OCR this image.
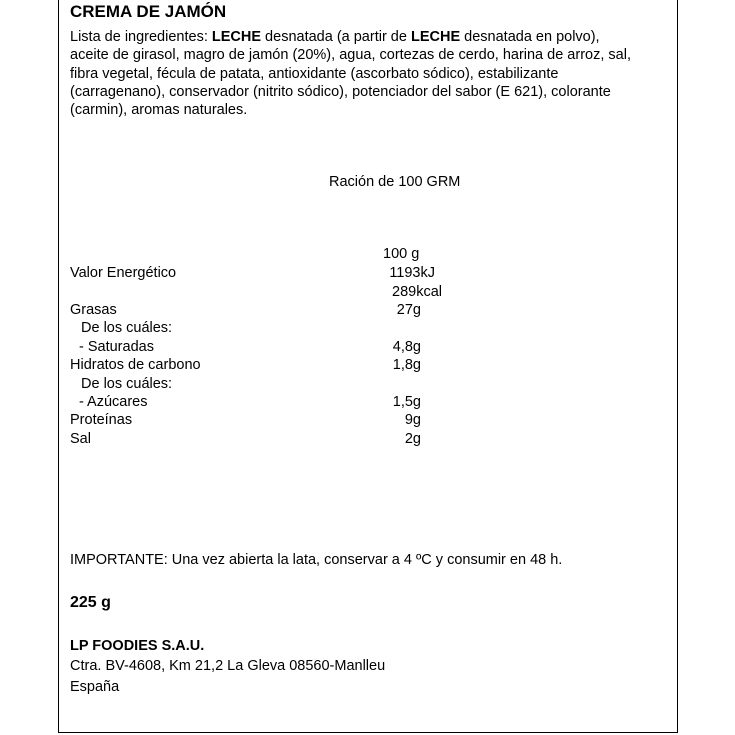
CREMA DE JAMÓN
Lista de ingredientes: LECHE desnatada (a partir de LECHE desnatada en polvo), aceite de girasol, magro de jamón (20%), agua, cortezas de cerdo, harina de arroz, sal, fibra vegetal, fécula de patata, antioxidante (ascorbato sódico), estabilizante (carragenano), conservador (nitrito sódico), potenciador del sabor (E 621), colorante (carmin), aromas naturales.
Ración de 100 GRM
100 g
Valor Energético	1193kJ
289kcal
Grasas	27g
De los cuáles:
- Saturadas	4,8g
Hidratos de carbono	1,8g
De los cuáles:
- Azúcares	1,5g
Proteínas	9g
Sal	2g
IMPORTANTE: Una vez abierta la lata, conservar a 4 ºC y consumir en 48 h.
225 g
LP FOODIES S.A.U.
Ctra. BV-4608, Km 21,2 La Gleva 08560-Manlleu
España
